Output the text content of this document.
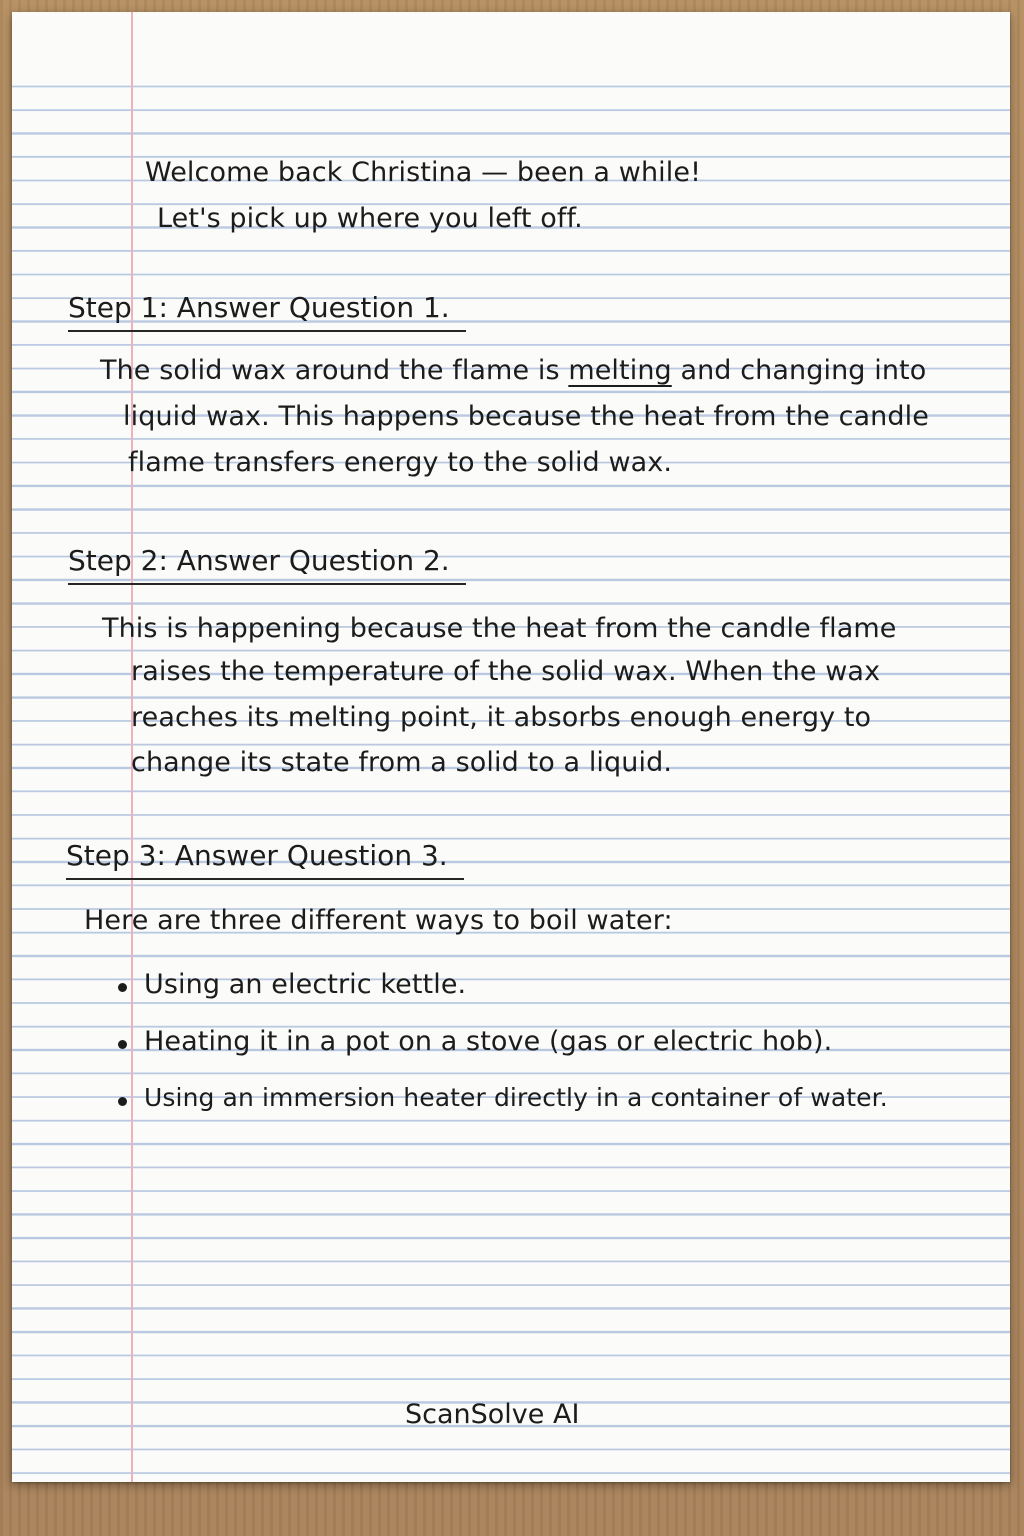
Welcome back Christina — been a while!
Let's pick up where you left off.
Step 1: Answer Question 1.
The solid wax around the flame is melting and changing into
liquid wax. This happens because the heat from the candle
flame transfers energy to the solid wax.
Step 2: Answer Question 2.
This is happening because the heat from the candle flame
raises the temperature of the solid wax. When the wax
reaches its melting point, it absorbs enough energy to
change its state from a solid to a liquid.
Step 3: Answer Question 3.
Here are three different ways to boil water:
Using an electric kettle.
Heating it in a pot on a stove (gas or electric hob).
Using an immersion heater directly in a container of water.
ScanSolve AI
